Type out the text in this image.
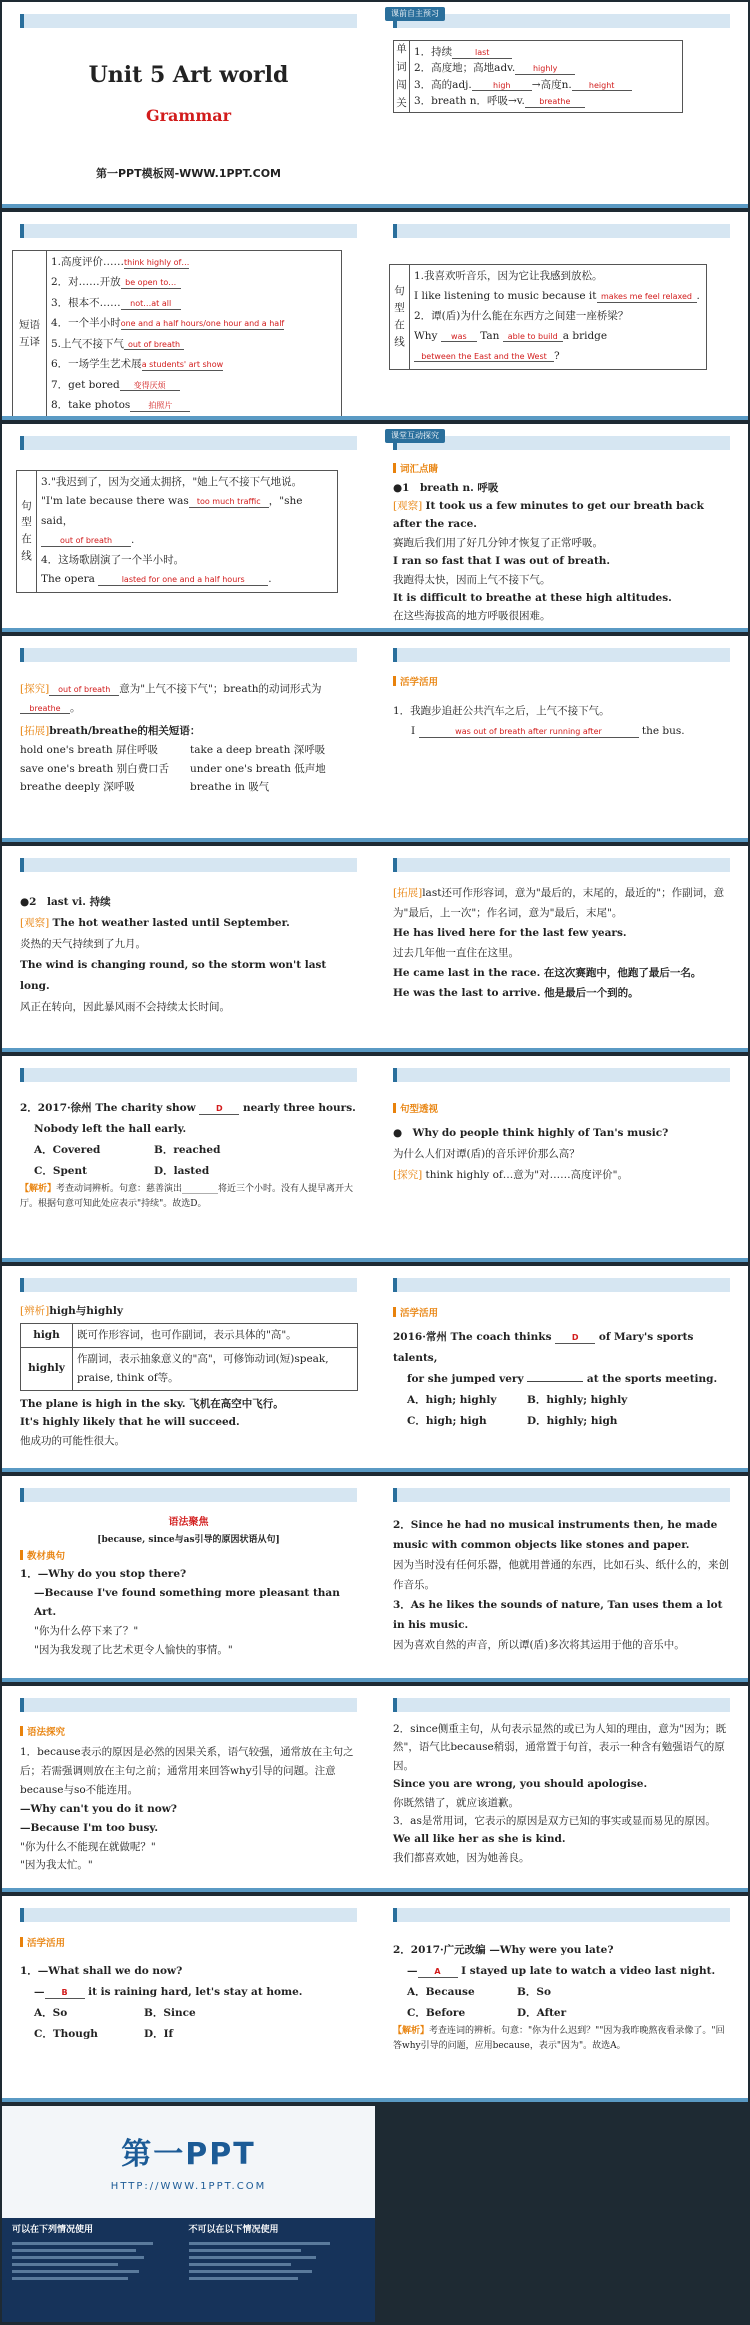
Unit 5 Art world
Grammar
第一PPT模板网-WWW.1PPT.COM
课前自主预习
单
词
闯
关

1．持续	last
2．高度地；高地adv. highly
3．高的adj.	high →高度n. height
3．breath n．呼吸→v. breathe
短语
互译

1.高度评价……think highly of…
2．对……开放 be open to…
3．根本不…… not…at all
4．一个半小时one and a half hours/one hour and a half
5.上气不接下气 out of breath
6．一场学生艺术展a students' art show
7．get bored 变得厌烦
8．take photos 拍照片
句
型
在
线

1.我喜欢听音乐，因为它让我感到放松。
I like listening to music because it makes me feel relaxed .
2．谭(盾)为什么能在东西方之间建一座桥梁？
Why was Tan able to build a bridge
between the East and the West ?
句
型
在
线

3."我迟到了，因为交通太拥挤，"她上气不接下气地说。
"I'm late because there was too much traffic ，"she said，
out of breath .
4．这场歌剧演了一个半小时。
The opera	lasted for one and a half hours .
课堂互动探究
词汇点睛
●1　breath n. 呼吸
[观察] It took us a few minutes to get our breath back after the race.
赛跑后我们用了好几分钟才恢复了正常呼吸。
I ran so fast that I was out of breath.
我跑得太快，因而上气不接下气。
It is difficult to breathe at these high altitudes.
在这些海拔高的地方呼吸很困难。
[探究] out of breath 意为"上气不接下气"；breath的动词形式为breathe 。
[拓展]breath/breathe的相关短语：
hold one's breath 屏住呼吸	take a deep breath 深呼吸
save one's breath 别白费口舌	under one's breath 低声地
breathe deeply 深呼吸	breathe in 吸气
活学活用
1．我跑步追赶公共汽车之后，上气不接下气。
I	was out of breath after running after	the bus.
●2　last vi. 持续
[观察] The hot weather lasted until September.
炎热的天气持续到了九月。
The wind is changing round, so the storm won't last long.
风正在转向，因此暴风雨不会持续太长时间。
[拓展]last还可作形容词，意为"最后的，末尾的，最近的"；作副词，意为"最后，上一次"；作名词，意为"最后，末尾"。
He has lived here for the last few years.
过去几年他一直住在这里。
He came last in the race. 在这次赛跑中，他跑了最后一名。
He was the last to arrive. 他是最后一个到的。
2．2017·徐州 The charity show	D nearly three hours.
Nobody left the hall early.
A．Covered	B．reached
C．Spent	D．lasted
【解析】考查动词辨析。句意：慈善演出________将近三个小时。没有人提早离开大厅。根据句意可知此处应表示"持续"。故选D。
句型透视
●　Why do people think highly of Tan's music?
为什么人们对谭(盾)的音乐评价那么高？
[探究] think highly of…意为"对……高度评价"。
[辨析]high与highly
high	既可作形容词，也可作副词，表示具体的"高"。
highly	作副词，表示抽象意义的"高"，可修饰动词(短)speak, praise, think of等。
The plane is high in the sky. 飞机在高空中飞行。
It's highly likely that he will succeed.
他成功的可能性很大。
活学活用
2016·常州 The coach thinks	D of Mary's sports talents,
for she jumped very	at the sports meeting.
A．high; highly	B．highly; highly
C．high; high	D．highly; high
语法聚焦
[because, since与as引导的原因状语从句]
教材典句
1．—Why do you stop there?
—Because I've found something more pleasant than Art.
"你为什么停下来了？"
"因为我发现了比艺术更令人愉快的事情。"
2．Since he had no musical instruments then, he made music with common objects like stones and paper.
因为当时没有任何乐器，他就用普通的东西，比如石头、纸什么的，来创作音乐。
3．As he likes the sounds of nature, Tan uses them a lot in his music.
因为喜欢自然的声音，所以谭(盾)多次将其运用于他的音乐中。
语法探究
1．because表示的原因是必然的因果关系，语气较强，通常放在主句之后；若需强调则放在主句之前；通常用来回答why引导的问题。注意because与so不能连用。
—Why can't you do it now?
—Because I'm too busy.
"你为什么不能现在就做呢？"
"因为我太忙。"
2．since侧重主句，从句表示显然的或已为人知的理由，意为"因为；既然"，语气比because稍弱，通常置于句首，表示一种含有勉强语气的原因。
Since you are wrong, you should apologise.
你既然错了，就应该道歉。
3．as是常用词，它表示的原因是双方已知的事实或显而易见的原因。
We all like her as she is kind.
我们都喜欢她，因为她善良。
活学活用
1．—What shall we do now?
— B it is raining hard, let's stay at home.
A．So	B．Since
C．Though	D．If
2．2017·广元改编 —Why were you late?
— A I stayed up late to watch a video last night.
A．Because	B．So
C．Before	D．After
【解析】考查连词的辨析。句意："你为什么迟到？""因为我昨晚熬夜看录像了。"回答why引导的问题，应用because，表示"因为"。故选A。
第一PPT
HTTP://WWW.1PPT.COM
可以在下列情况使用	不可以在以下情况使用
